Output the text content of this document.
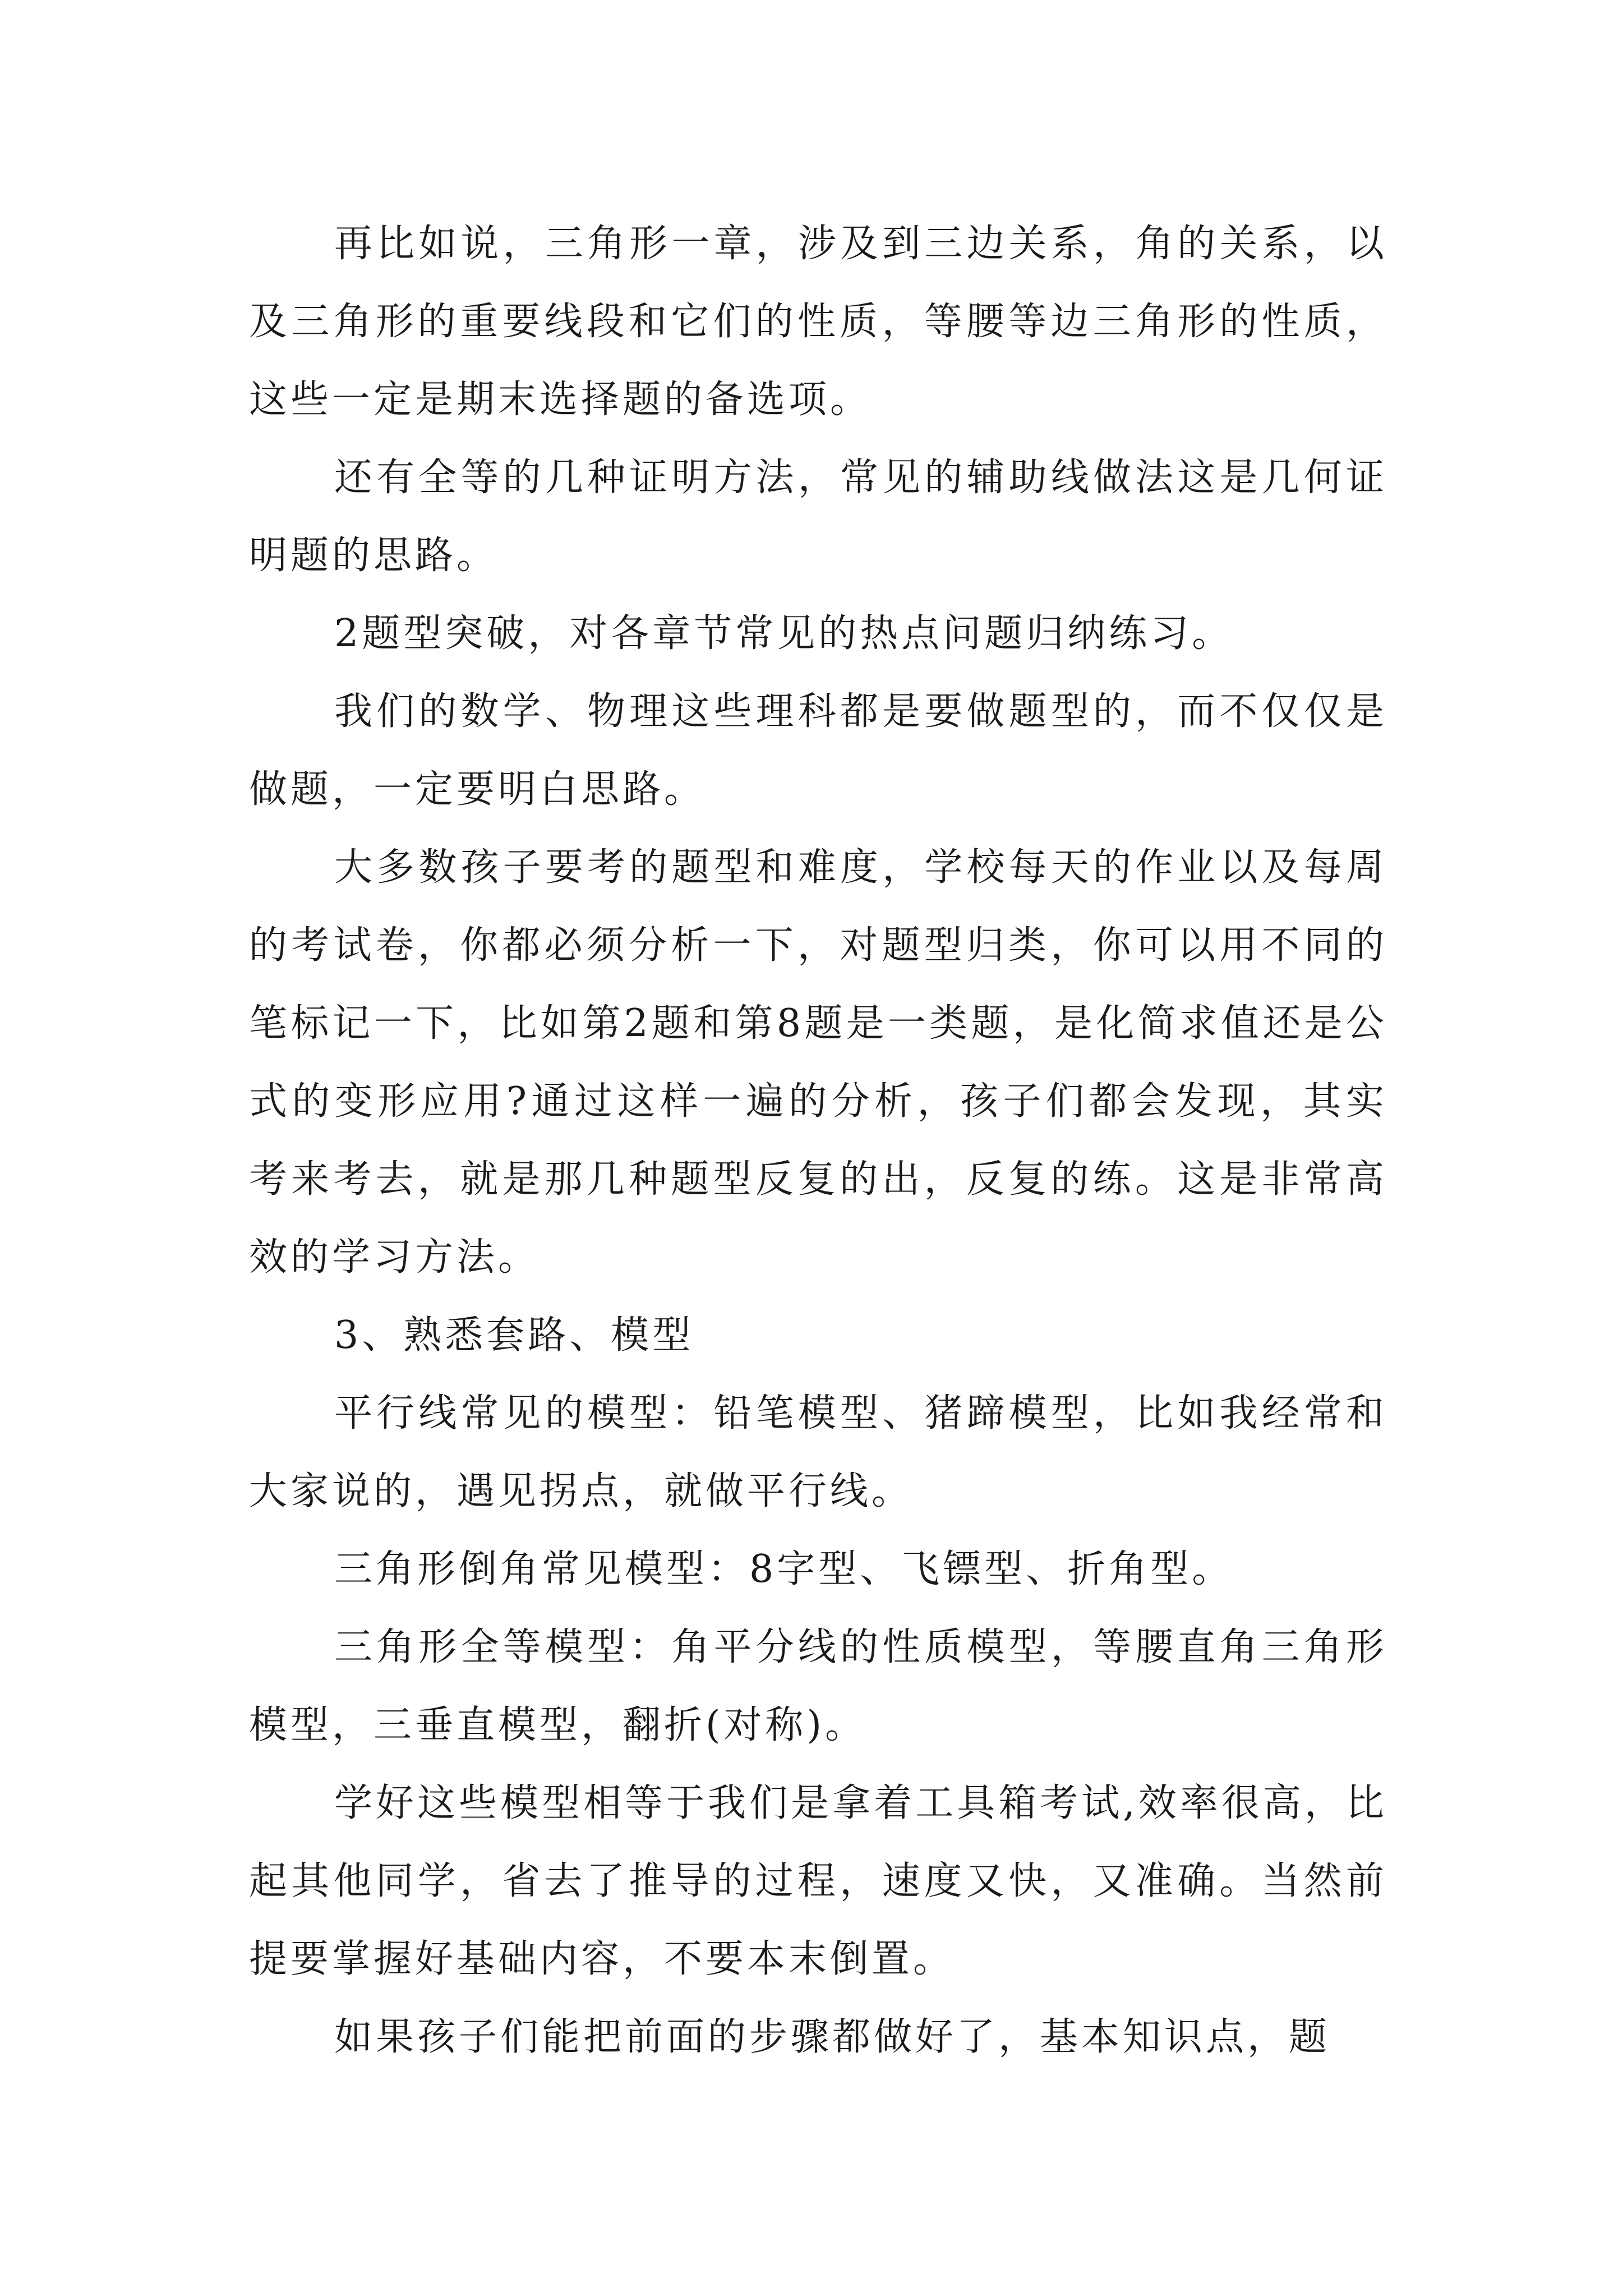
再比如说，三角形一章，涉及到三边关系，角的关系，以及三角形的重要线段和它们的性质，等腰等边三角形的性质，这些一定是期末选择题的备选项。

还有全等的几种证明方法，常见的辅助线做法这是几何证明题的思路。

2题型突破，对各章节常见的热点问题归纳练习。

我们的数学、物理这些理科都是要做题型的，而不仅仅是做题，一定要明白思路。

大多数孩子要考的题型和难度，学校每天的作业以及每周的考试卷，你都必须分析一下，对题型归类，你可以用不同的笔标记一下，比如第2题和第8题是一类题，是化简求值还是公式的变形应用?通过这样一遍的分析，孩子们都会发现，其实考来考去，就是那几种题型反复的出，反复的练。这是非常高效的学习方法。

3、熟悉套路、模型

平行线常见的模型：铅笔模型、猪蹄模型，比如我经常和大家说的，遇见拐点，就做平行线。

三角形倒角常见模型：8字型、飞镖型、折角型。

三角形全等模型：角平分线的性质模型，等腰直角三角形模型，三垂直模型，翻折(对称)。

学好这些模型相等于我们是拿着工具箱考试,效率很高，比起其他同学，省去了推导的过程，速度又快，又准确。当然前提要掌握好基础内容，不要本末倒置。

如果孩子们能把前面的步骤都做好了，基本知识点，题
